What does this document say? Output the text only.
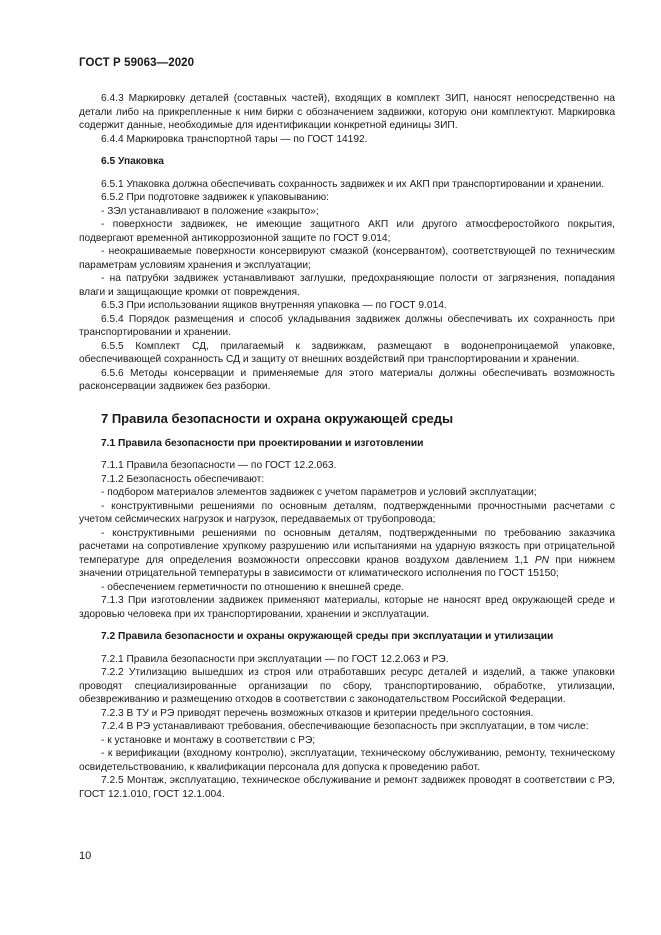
ГОСТ Р 59063—2020

6.4.3 Маркировку деталей (составных частей), входящих в комплект ЗИП, наносят непосредственно на детали либо на прикрепленные к ним бирки с обозначением задвижки, которую они комплектуют. Маркировка содержит данные, необходимые для идентификации конкретной единицы ЗИП.

6.4.4 Маркировка транспортной тары — по ГОСТ 14192.

6.5 Упаковка

6.5.1 Упаковка должна обеспечивать сохранность задвижек и их АКП при транспортировании и хранении.

6.5.2 При подготовке задвижек к упаковыванию:

- ЗЭл устанавливают в положение «закрыто»;

- поверхности задвижек, не имеющие защитного АКП или другого атмосферостойкого покрытия, подвергают временной антикоррозионной защите по ГОСТ 9.014;

- неокрашиваемые поверхности консервируют смазкой (консервантом), соответствующей по техническим параметрам условиям хранения и эксплуатации;

- на патрубки задвижек устанавливают заглушки, предохраняющие полости от загрязнения, попадания влаги и защищающие кромки от повреждения.

6.5.3 При использовании ящиков внутренняя упаковка — по ГОСТ 9.014.

6.5.4 Порядок размещения и способ укладывания задвижек должны обеспечивать их сохранность при транспортировании и хранении.

6.5.5 Комплект СД, прилагаемый к задвижкам, размещают в водонепроницаемой упаковке, обеспечивающей сохранность СД и защиту от внешних воздействий при транспортировании и хранении.

6.5.6 Методы консервации и применяемые для этого материалы должны обеспечивать возможность расконсервации задвижек без разборки.

7 Правила безопасности и охрана окружающей среды

7.1 Правила безопасности при проектировании и изготовлении

7.1.1 Правила безопасности — по ГОСТ 12.2.063.

7.1.2 Безопасность обеспечивают:

- подбором материалов элементов задвижек с учетом параметров и условий эксплуатации;

- конструктивными решениями по основным деталям, подтвержденными прочностными расчетами с учетом сейсмических нагрузок и нагрузок, передаваемых от трубопровода;

- конструктивными решениями по основным деталям, подтвержденными по требованию заказчика расчетами на сопротивление хрупкому разрушению или испытаниями на ударную вязкость при отрицательной температуре для определения возможности опрессовки кранов воздухом давлением 1,1 PN при нижнем значении отрицательной температуры в зависимости от климатического исполнения по ГОСТ 15150;

- обеспечением герметичности по отношению к внешней среде.

7.1.3 При изготовлении задвижек применяют материалы, которые не наносят вред окружающей среде и здоровью человека при их транспортировании, хранении и эксплуатации.

7.2 Правила безопасности и охраны окружающей среды при эксплуатации и утилизации

7.2.1 Правила безопасности при эксплуатации — по ГОСТ 12.2.063 и РЭ.

7.2.2 Утилизацию вышедших из строя или отработавших ресурс деталей и изделий, а также упаковки проводят специализированные организации по сбору, транспортированию, обработке, утилизации, обезвреживанию и размещению отходов в соответствии с законодательством Российской Федерации.

7.2.3 В ТУ и РЭ приводят перечень возможных отказов и критерии предельного состояния.

7.2.4 В РЭ устанавливают требования, обеспечивающие безопасность при эксплуатации, в том числе:

- к установке и монтажу в соответствии с РЭ;

- к верификации (входному контролю), эксплуатации, техническому обслуживанию, ремонту, техническому освидетельствованию, к квалификации персонала для допуска к проведению работ.

7.2.5 Монтаж, эксплуатацию, техническое обслуживание и ремонт задвижек проводят в соответствии с РЭ, ГОСТ 12.1.010, ГОСТ 12.1.004.

10
